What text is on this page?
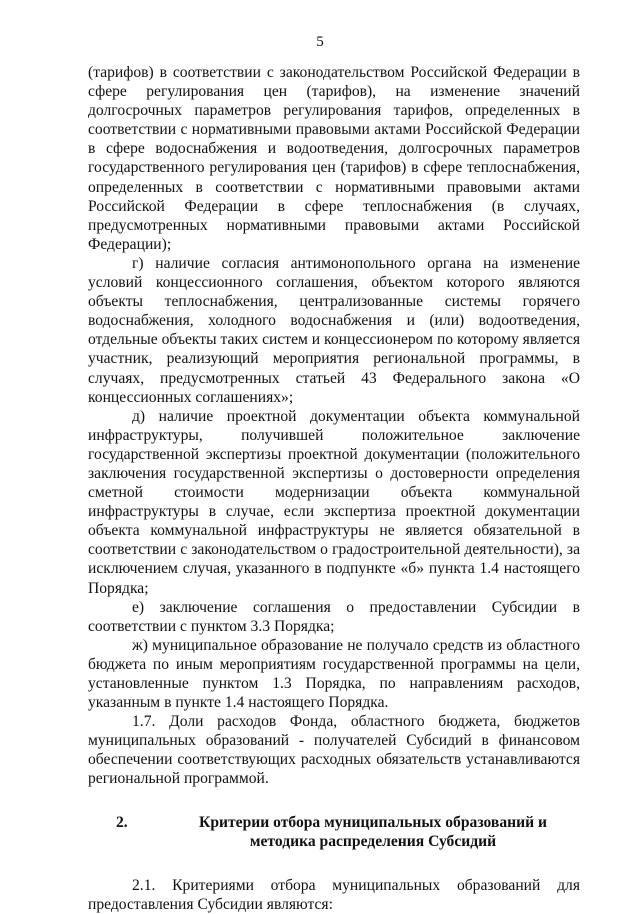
5

(тарифов) в соответствии с законодательством Российской Федерации в сфере регулирования цен (тарифов), на изменение значений долгосрочных параметров регулирования тарифов, определенных в соответствии с нормативными правовыми актами Российской Федерации в сфере водоснабжения и водоотведения, долгосрочных параметров государственного регулирования цен (тарифов) в сфере теплоснабжения, определенных в соответствии с нормативными правовыми актами Российской Федерации в сфере теплоснабжения (в случаях, предусмотренных нормативными правовыми актами Российской Федерации);

г) наличие согласия антимонопольного органа на изменение условий концессионного соглашения, объектом которого являются объекты теплоснабжения, централизованные системы горячего водоснабжения, холодного водоснабжения и (или) водоотведения, отдельные объекты таких систем и концессионером по которому является участник, реализующий мероприятия региональной программы, в случаях, предусмотренных статьей 43 Федерального закона «О концессионных соглашениях»;

д) наличие проектной документации объекта коммунальной инфраструктуры, получившей положительное заключение государственной экспертизы проектной документации (положительного заключения государственной экспертизы о достоверности определения сметной стоимости модернизации объекта коммунальной инфраструктуры в случае, если экспертиза проектной документации объекта коммунальной инфраструктуры не является обязательной в соответствии с законодательством о градостроительной деятельности), за исключением случая, указанного в подпункте «б» пункта 1.4 настоящего Порядка;

е) заключение соглашения о предоставлении Субсидии в соответствии с пунктом 3.3 Порядка;

ж) муниципальное образование не получало средств из областного бюджета по иным мероприятиям государственной программы на цели, установленные пунктом 1.3 Порядка, по направлениям расходов, указанным в пункте 1.4 настоящего Порядка.

1.7. Доли расходов Фонда, областного бюджета, бюджетов муниципальных образований - получателей Субсидий в финансовом обеспечении соответствующих расходных обязательств устанавливаются региональной программой.

2.	Критерии отбора муниципальных образований и методика распределения Субсидий

2.1. Критериями отбора муниципальных образований для предоставления Субсидии являются:
